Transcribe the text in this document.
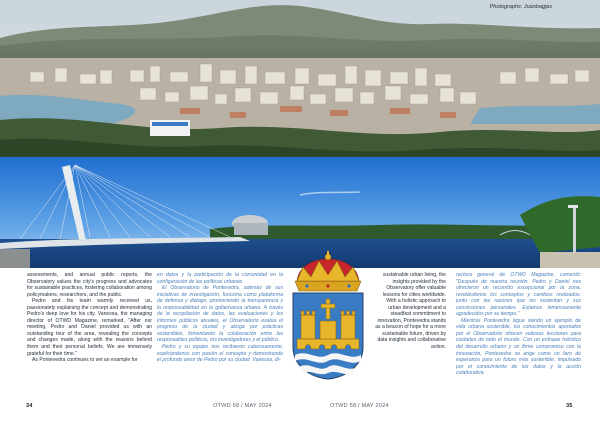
Photographs: Juanbagjas

assessments, and annual public reports, the Observatory values the city's progress and advocates for sustainable practices, fostering collaboration among policymakers, researchers, and the public.

Pedro and his team warmly received us, passionately explaining the concept and demonstrating Pedro's deep love for his city. Vanessa, the managing director of OTWD Magazine, remarked, "After our meeting, Pedro and Daniel provided us with an outstanding tour of the area, revealing the concepts and changes made, along with the reasons behind them and their personal beliefs. We are immensely grateful for their time."

As Pontevedra continues to set an example for

en datos y la participación de la comunidad en la configuración de las políticas urbanas.

El Observatorio de Pontevedra, además de sus iniciativas de investigación, funciona como plataforma de defensa y diálogo, promoviendo la transparencia y la responsabilidad en la gobernanza urbana. A través de la recopilación de datos, las evaluaciones y los informes públicos anuales, el Observatorio evalúa el progreso de la ciudad y aboga por prácticas sostenibles, fomentando la colaboración entre los responsables políticos, los investigadores y el público.

Pedro y su equipo nos recibieron calurosamente, explicándonos con pasión el concepto y demostrando el profundo amor de Pedro por su ciudad. Vanessa, di-

sustainable urban living, the insights provided by the Observatory offer valuable lessons for cities worldwide. With a holistic approach to urban development and a steadfast commitment to innovation, Pontevedra stands as a beacon of hope for a more sustainable future, driven by data insights and collaborative action.

rectora general de OTWD Magazine, comentó: "Después de nuestra reunión, Pedro y Daniel nos ofrecieron un recorrido excepcional por la zona, revelándonos los conceptos y cambios realizados, junto con las razones que los sustentan y sus convicciones personales. Estamos inmensamente agradecidos por su tiempo."

Mientras Pontevedra sigue siendo un ejemplo de vida urbana sostenible, los conocimientos aportados por el Observatorio ofrecen valiosas lecciones para ciudades de todo el mundo. Con un enfoque holístico del desarrollo urbano y un firme compromiso con la innovación, Pontevedra se erige como un faro de esperanza para un futuro más sostenible, impulsado por el conocimiento de los datos y la acción colaborativa.

34	OTWD 58 / MAY 2024	OTWD 58 / MAY 2024	35
